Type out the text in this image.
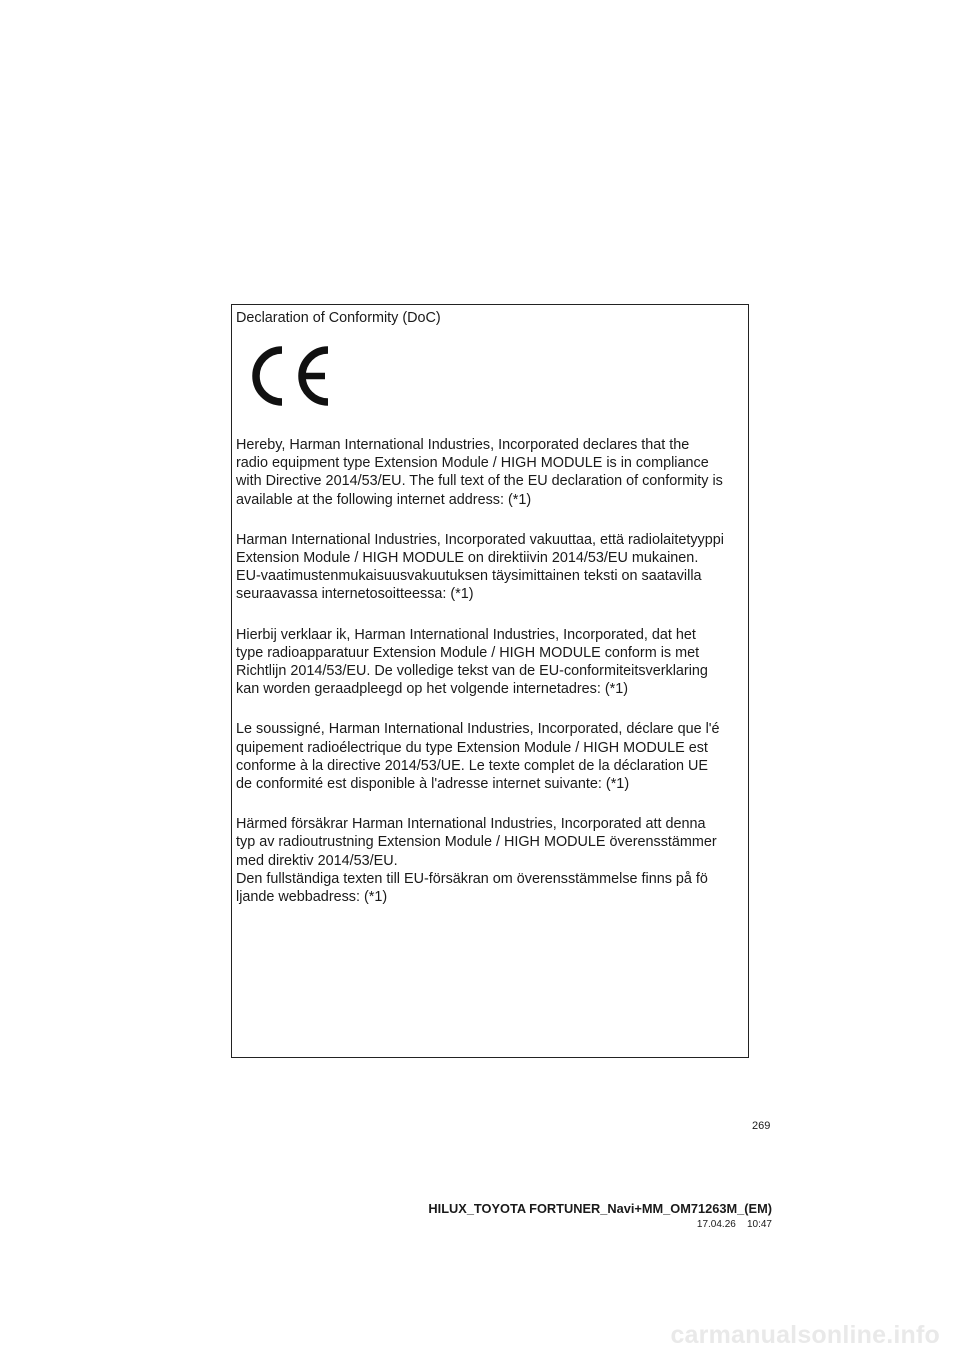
Declaration of Conformity (DoC)

Hereby, Harman International Industries, Incorporated declares that the
radio equipment type Extension Module / HIGH MODULE is in compliance
with Directive 2014/53/EU. The full text of the EU declaration of conformity is
available at the following internet address: (*1)

Harman International Industries, Incorporated vakuuttaa, että radiolaitetyyppi
Extension Module / HIGH MODULE on direktiivin 2014/53/EU mukainen.
EU-vaatimustenmukaisuusvakuutuksen täysimittainen teksti on saatavilla
seuraavassa internetosoitteessa: (*1)

Hierbij verklaar ik, Harman International Industries, Incorporated, dat het
type radioapparatuur Extension Module / HIGH MODULE conform is met
Richtlijn 2014/53/EU. De volledige tekst van de EU-conformiteitsverklaring
kan worden geraadpleegd op het volgende internetadres: (*1)

Le soussigné, Harman International Industries, Incorporated, déclare que l'é
quipement radioélectrique du type Extension Module / HIGH MODULE est
conforme à la directive 2014/53/UE. Le texte complet de la déclaration UE
de conformité est disponible à l'adresse internet suivante: (*1)

Härmed försäkrar Harman International Industries, Incorporated att denna
typ av radioutrustning Extension Module / HIGH MODULE överensstämmer
med direktiv 2014/53/EU.
Den fullständiga texten till EU-försäkran om överensstämmelse finns på fö
ljande webbadress: (*1)

269
HILUX_TOYOTA FORTUNER_Navi+MM_OM71263M_(EM)
17.04.26 10:47
carmanualsonline.info
